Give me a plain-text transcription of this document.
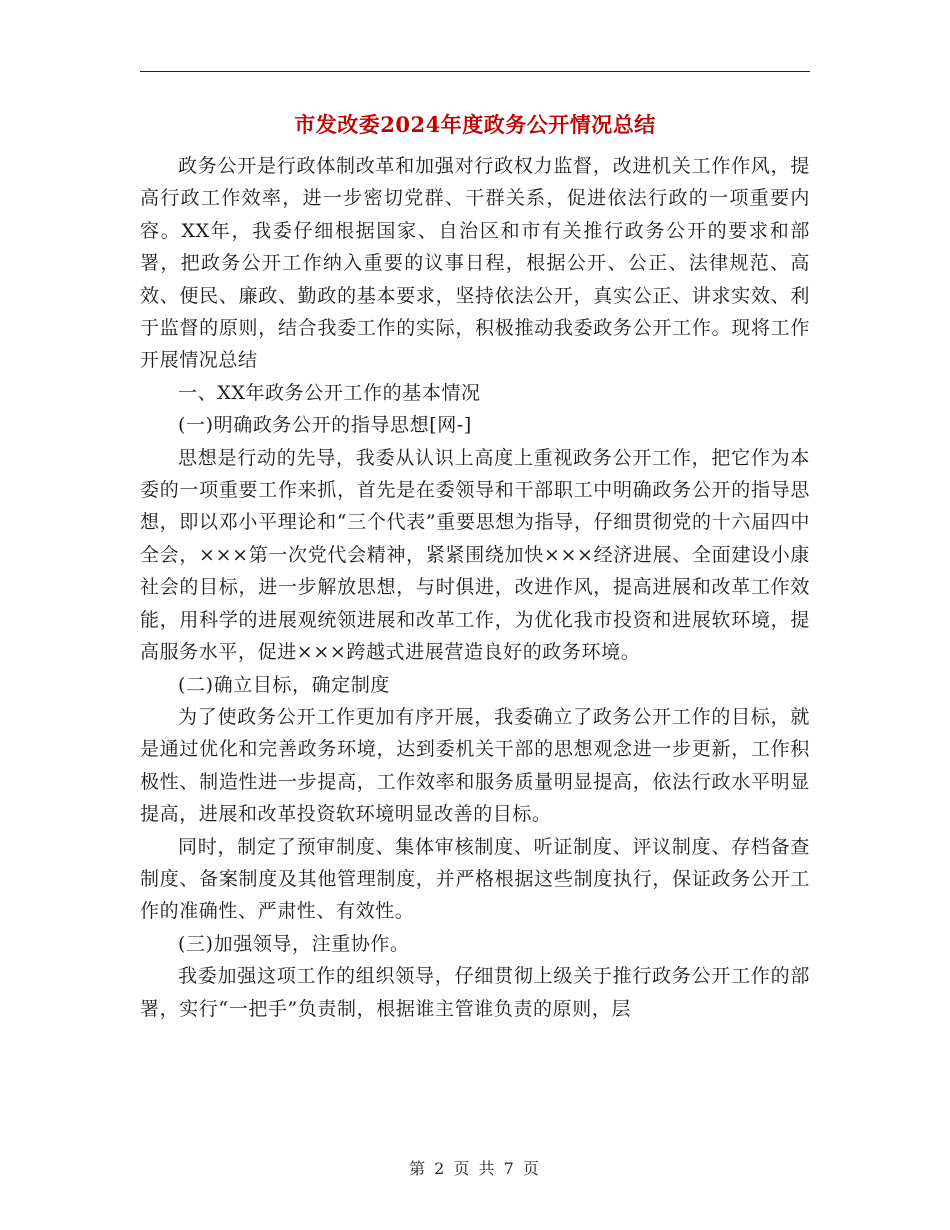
市发改委2024年度政务公开情况总结

政务公开是行政体制改革和加强对行政权力监督，改进机关工作作风，提高行政工作效率，进一步密切党群、干群关系，促进依法行政的一项重要内容。XX年，我委仔细根据国家、自治区和市有关推行政务公开的要求和部署，把政务公开工作纳入重要的议事日程，根据公开、公正、法律规范、高效、便民、廉政、勤政的基本要求，坚持依法公开，真实公正、讲求实效、利于监督的原则，结合我委工作的实际，积极推动我委政务公开工作。现将工作开展情况总结

一、XX年政务公开工作的基本情况

(一)明确政务公开的指导思想[网-]

思想是行动的先导，我委从认识上高度上重视政务公开工作，把它作为本委的一项重要工作来抓，首先是在委领导和干部职工中明确政务公开的指导思想，即以邓小平理论和“三个代表”重要思想为指导，仔细贯彻党的十六届四中全会，×××第一次党代会精神，紧紧围绕加快×××经济进展、全面建设小康社会的目标，进一步解放思想，与时俱进，改进作风，提高进展和改革工作效能，用科学的进展观统领进展和改革工作，为优化我市投资和进展软环境，提高服务水平，促进×××跨越式进展营造良好的政务环境。

(二)确立目标，确定制度

为了使政务公开工作更加有序开展，我委确立了政务公开工作的目标，就是通过优化和完善政务环境，达到委机关干部的思想观念进一步更新，工作积极性、制造性进一步提高，工作效率和服务质量明显提高，依法行政水平明显提高，进展和改革投资软环境明显改善的目标。

同时，制定了预审制度、集体审核制度、听证制度、评议制度、存档备查制度、备案制度及其他管理制度，并严格根据这些制度执行，保证政务公开工作的准确性、严肃性、有效性。

(三)加强领导，注重协作。

我委加强这项工作的组织领导，仔细贯彻上级关于推行政务公开工作的部署，实行“一把手”负责制，根据谁主管谁负责的原则，层

第 2 页 共 7 页
